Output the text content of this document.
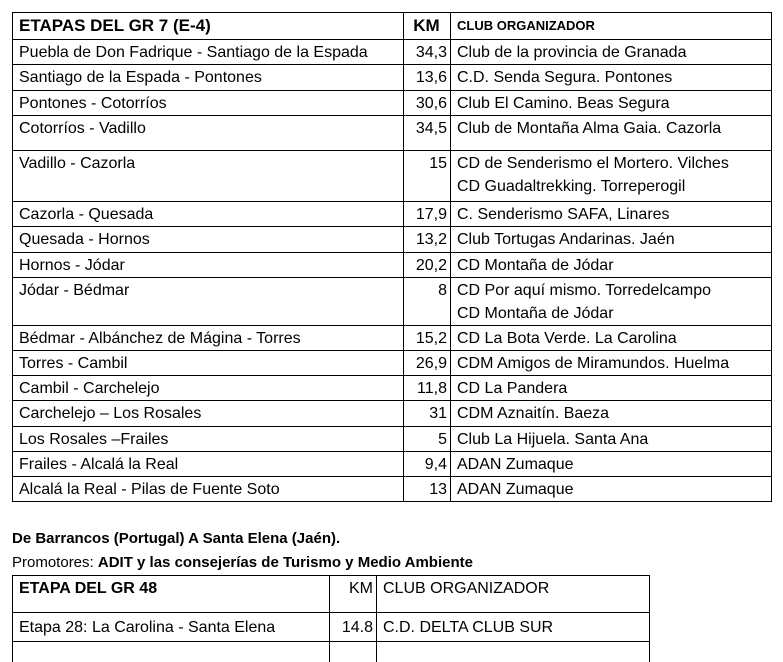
ETAPAS DEL GR 7 (E-4)	KM	CLUB ORGANIZADOR
Puebla de Don Fadrique - Santiago de la Espada	34,3	Club de la provincia de Granada

Santiago de la Espada - Pontones	13,6	C.D. Senda Segura. Pontones

Pontones - Cotorríos	30,6	Club El Camino. Beas Segura

Cotorríos - Vadillo	34,5	Club de Montaña Alma Gaia. Cazorla

Vadillo - Cazorla	15	CD de Senderismo el Mortero. Vilches
CD Guadaltrekking. Torreperogil

Cazorla - Quesada	17,9	C. Senderismo SAFA, Linares

Quesada - Hornos	13,2	Club Tortugas Andarinas. Jaén

Hornos - Jódar	20,2	CD Montaña de Jódar

Jódar - Bédmar	8	CD Por aquí mismo. Torredelcampo
CD Montaña de Jódar

Bédmar - Albánchez de Mágina - Torres	15,2	CD La Bota Verde. La Carolina

Torres - Cambil	26,9	CDM Amigos de Miramundos. Huelma

Cambil - Carchelejo	11,8	CD La Pandera

Carchelejo – Los Rosales	31	CDM Aznaitín. Baeza

Los Rosales –Frailes	5	Club La Hijuela. Santa Ana

Frailes - Alcalá la Real	9,4	ADAN Zumaque

Alcalá la Real - Pilas de Fuente Soto	13	ADAN Zumaque
De Barrancos (Portugal) A Santa Elena (Jaén).
Promotores: ADIT y las consejerías de Turismo y Medio Ambiente
ETAPA DEL GR 48	KM	CLUB ORGANIZADOR
Etapa 28: La Carolina - Santa Elena	14.8	C.D. DELTA CLUB SUR
